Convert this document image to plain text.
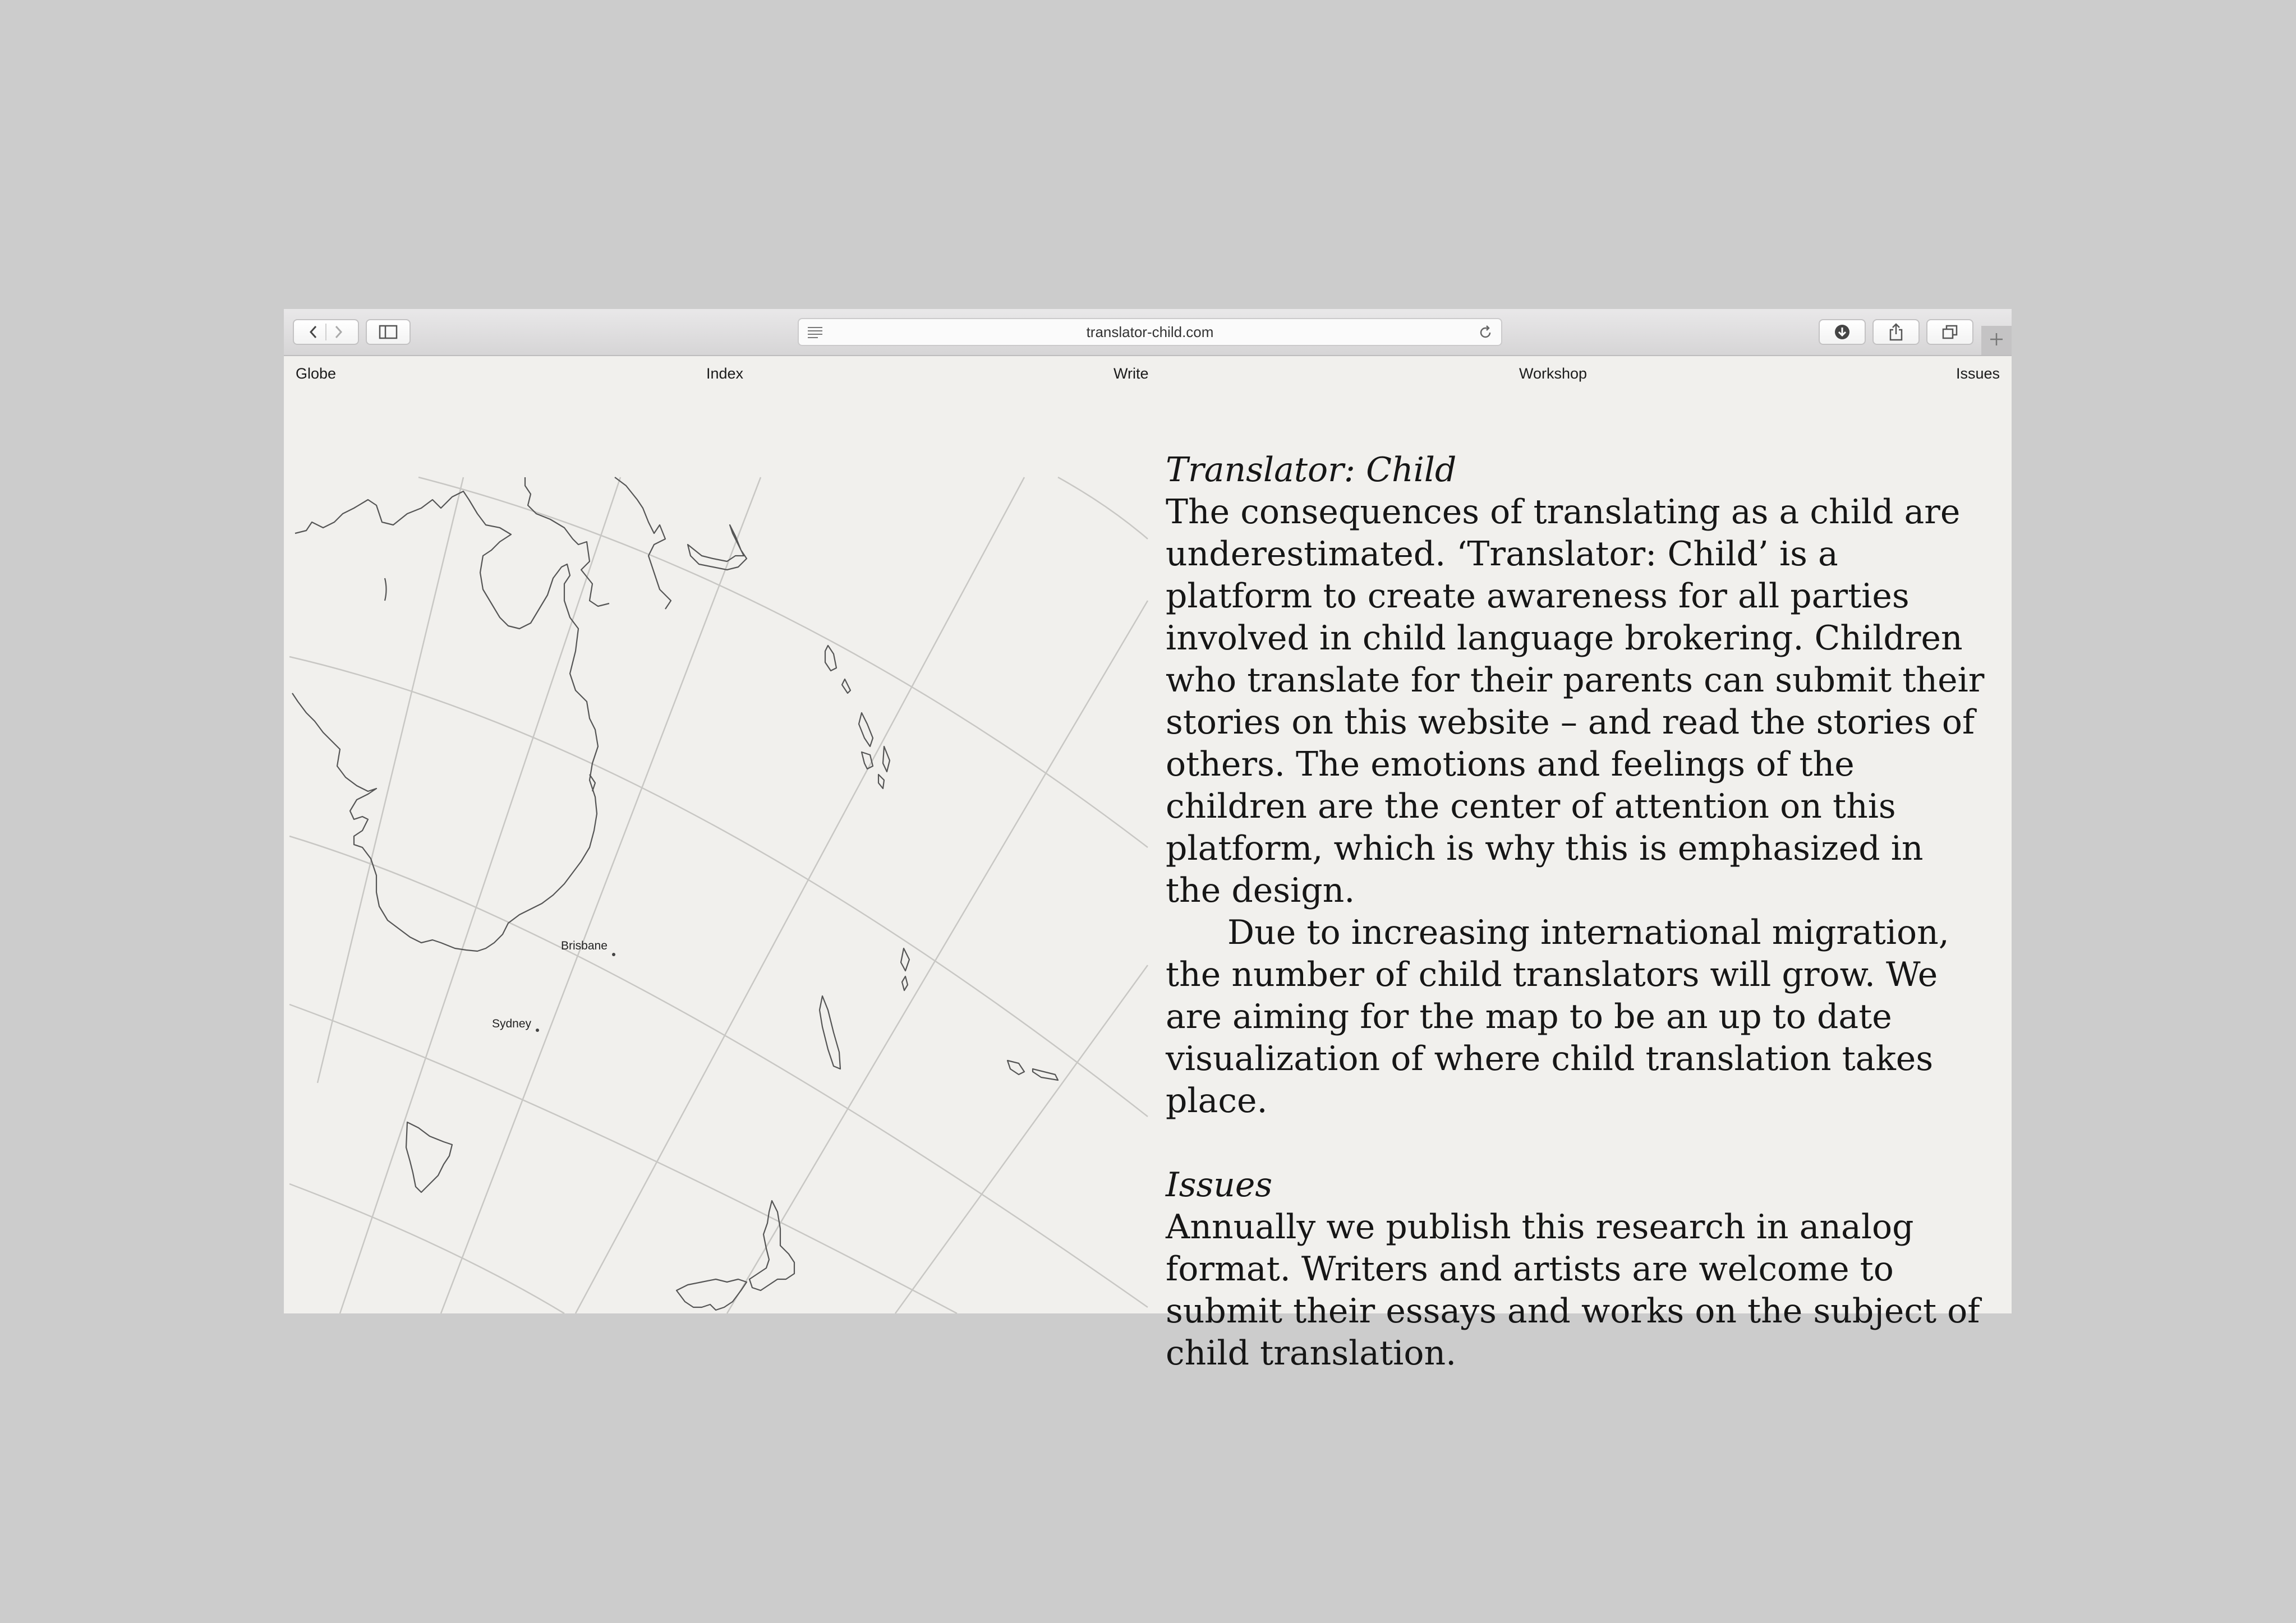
translator-child.com
Globe	Index	Write	Workshop	Issues
Brisbane
Sydney
Translator: Child

The consequences of translating as a child are underestimated. ‘Translator: Child’ is a platform to create awareness for all parties involved in child language brokering. Children who translate for their parents can submit their stories on this website – and read the stories of others. The emotions and feelings of the children are the center of attention on this platform, which is why this is emphasized in the design.

Due to increasing international migration, the number of child translators will grow. We are aiming for the map to be an up to date visualization of where child translation takes place.

Issues

Annually we publish this research in analog format. Writers and artists are welcome to submit their essays and works on the subject of child translation.
